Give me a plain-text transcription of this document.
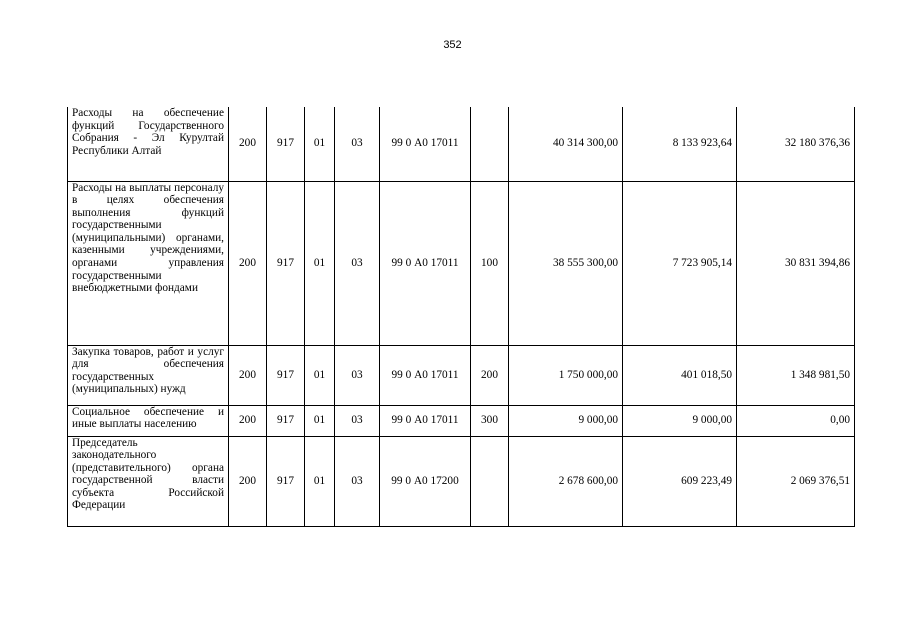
352
Расходы на обеспечение функций Государственного Собрания - Эл Курултай Республики Алтай	200	917	01	03	99 0 А0 17011		40 314 300,00	8 133 923,64	32 180 376,36
Расходы на выплаты персоналу в целях обеспечения выполнения функций государственными (муниципальными) органами, казенными учреждениями, органами управления государственными внебюджетными фондами	200	917	01	03	99 0 А0 17011	100	38 555 300,00	7 723 905,14	30 831 394,86
Закупка товаров, работ и услуг для обеспечения государственных (муниципальных) нужд	200	917	01	03	99 0 А0 17011	200	1 750 000,00	401 018,50	1 348 981,50
Социальное обеспечение и иные выплаты населению	200	917	01	03	99 0 А0 17011	300	9 000,00	9 000,00	0,00
Председатель законодательного (представительного) органа государственной власти субъекта Российской Федерации	200	917	01	03	99 0 А0 17200		2 678 600,00	609 223,49	2 069 376,51
